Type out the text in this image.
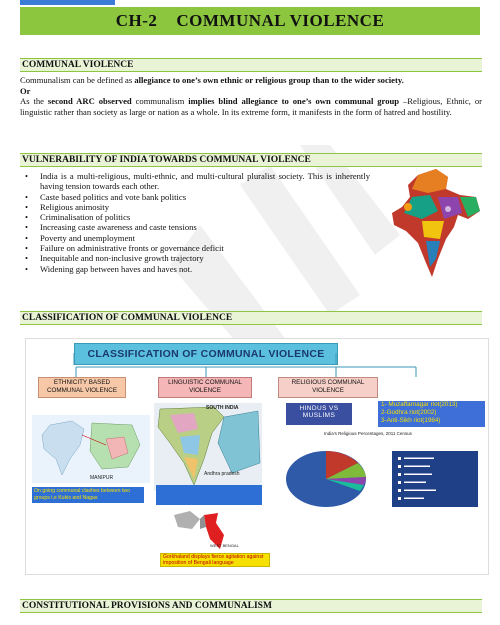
CH-2    COMMUNAL VIOLENCE
COMMUNAL VIOLENCE
Communalism can be defined as allegiance to one’s own ethnic or religious group than to the wider society.
Or
As the second ARC observed communalism implies blind allegiance to one’s own communal group –Religious, Ethnic, or linguistic rather than society as large or nation as a whole. In its extreme form, it manifests in the form of hatred and hostility.
VULNERABILITY OF INDIA TOWARDS COMMUNAL VIOLENCE
• India is a multi-religious, multi-ethnic, and multi-cultural pluralist society. This is inherently having tension towards each other.
• Caste based politics and vote bank politics
• Religious animosity
• Criminalisation of politics
• Increasing caste awareness and caste tensions
• Poverty and unemployment
• Failure on administrative fronts or governance deficit
• Inequitable and non-inclusive growth trajectory
• Widening gap between haves and haves not.
CLASSIFICATION OF COMMUNAL VIOLENCE
CLASSIFICATION OF COMMUNAL VIOLENCE
ETHNICITY BASED COMMUNAL VIOLENCE
LINGUISTIC COMMUNAL VIOLENCE
RELIGIOUS COMMUNAL VIOLENCE
MANIPUR
On going communal clashes between two groups i.e Kukis and Nagas
SOUTH INDIA
Andhra pradesh
WEST BENGAL
Gorkhaland displays fierce agitation against imposition of Bengali language
HINDUS VS MUSLIMS
1- Muzaffarnagar riot(2013)
2-Godhra riot(2002)
3-Anti-Sikh riot(1984)
India’s Religious Percentages, 2011 Census
CONSTITUTIONAL PROVISIONS AND COMMUNALISM
